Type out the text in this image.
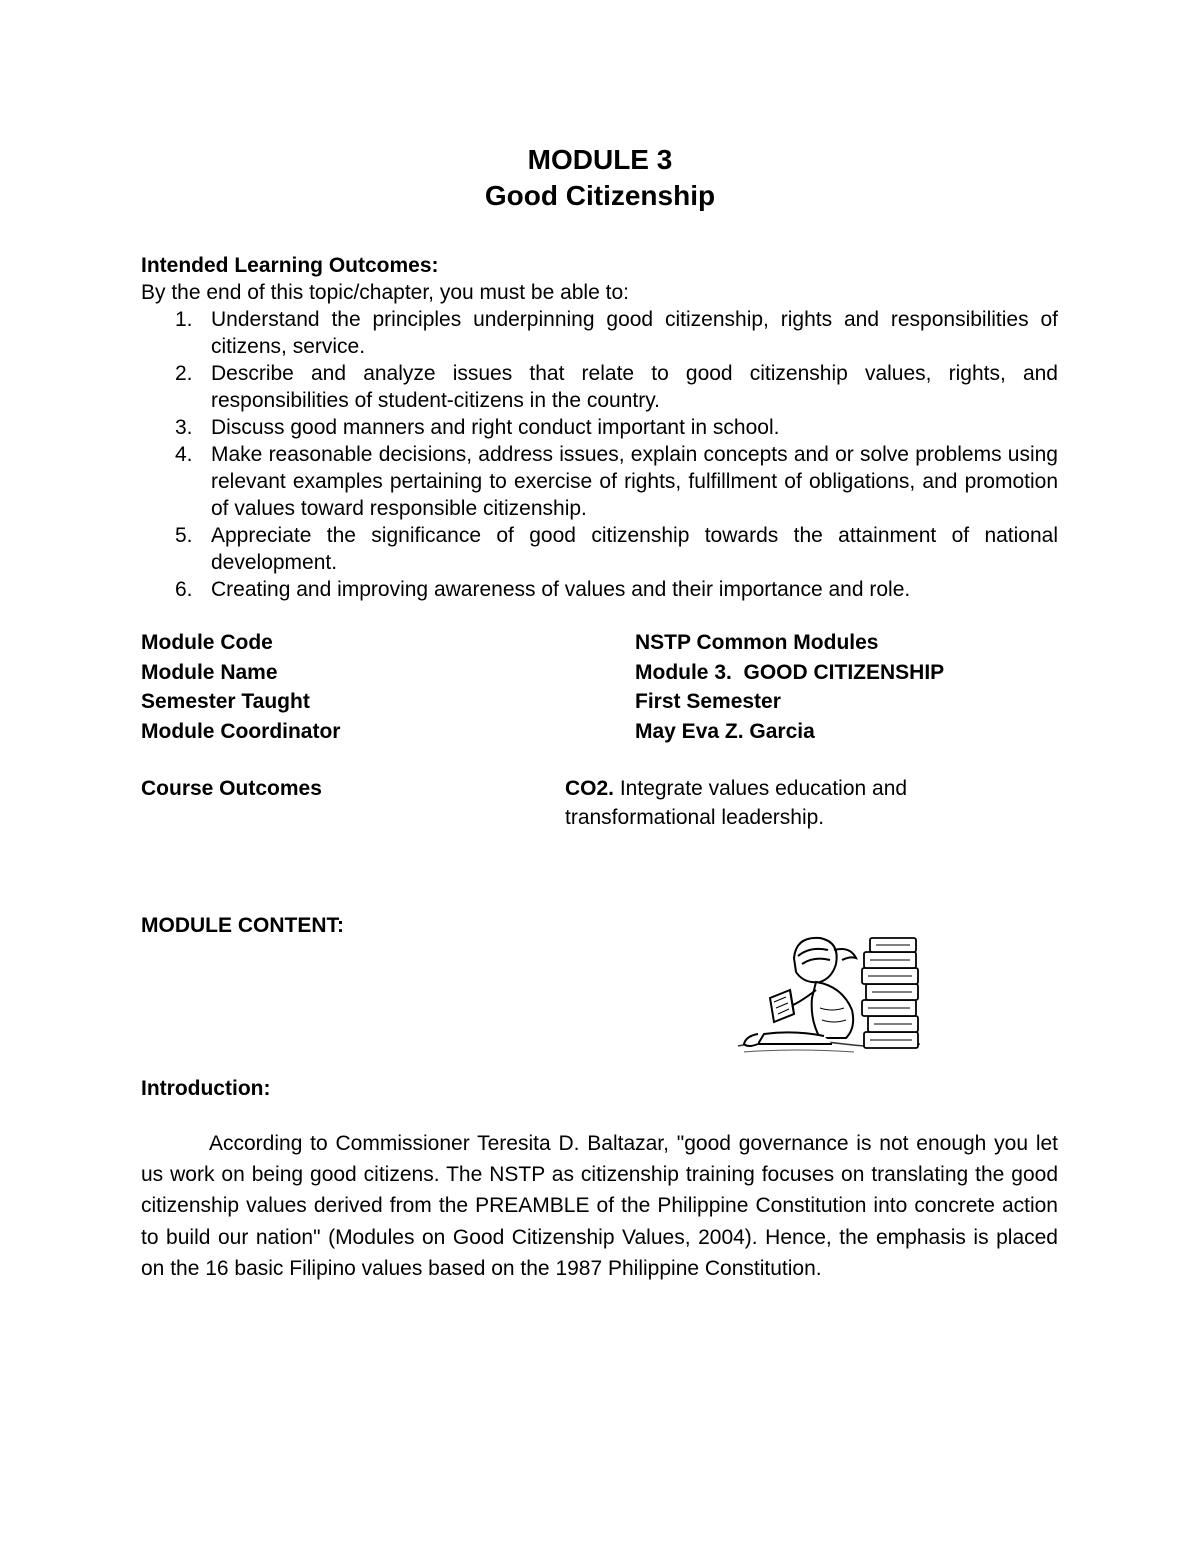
MODULE 3
Good Citizenship
Intended Learning Outcomes:
By the end of this topic/chapter, you must be able to:
1. Understand the principles underpinning good citizenship, rights and responsibilities of citizens, service.
2. Describe and analyze issues that relate to good citizenship values, rights, and responsibilities of student-citizens in the country.
3. Discuss good manners and right conduct important in school.
4. Make reasonable decisions, address issues, explain concepts and or solve problems using relevant examples pertaining to exercise of rights, fulfillment of obligations, and promotion of values toward responsible citizenship.
5. Appreciate the significance of good citizenship towards the attainment of national development.
6. Creating and improving awareness of values and their importance and role.
Module Code	NSTP Common Modules
Module Name	Module 3.  GOOD CITIZENSHIP
Semester Taught	First Semester
Module Coordinator	May Eva Z. Garcia
Course Outcomes	CO2. Integrate values education and transformational leadership.
MODULE CONTENT:
Introduction:
According to Commissioner Teresita D. Baltazar, "good governance is not enough you let us work on being good citizens. The NSTP as citizenship training focuses on translating the good citizenship values derived from the PREAMBLE of the Philippine Constitution into concrete action to build our nation" (Modules on Good Citizenship Values, 2004). Hence, the emphasis is placed on the 16 basic Filipino values based on the 1987 Philippine Constitution.
